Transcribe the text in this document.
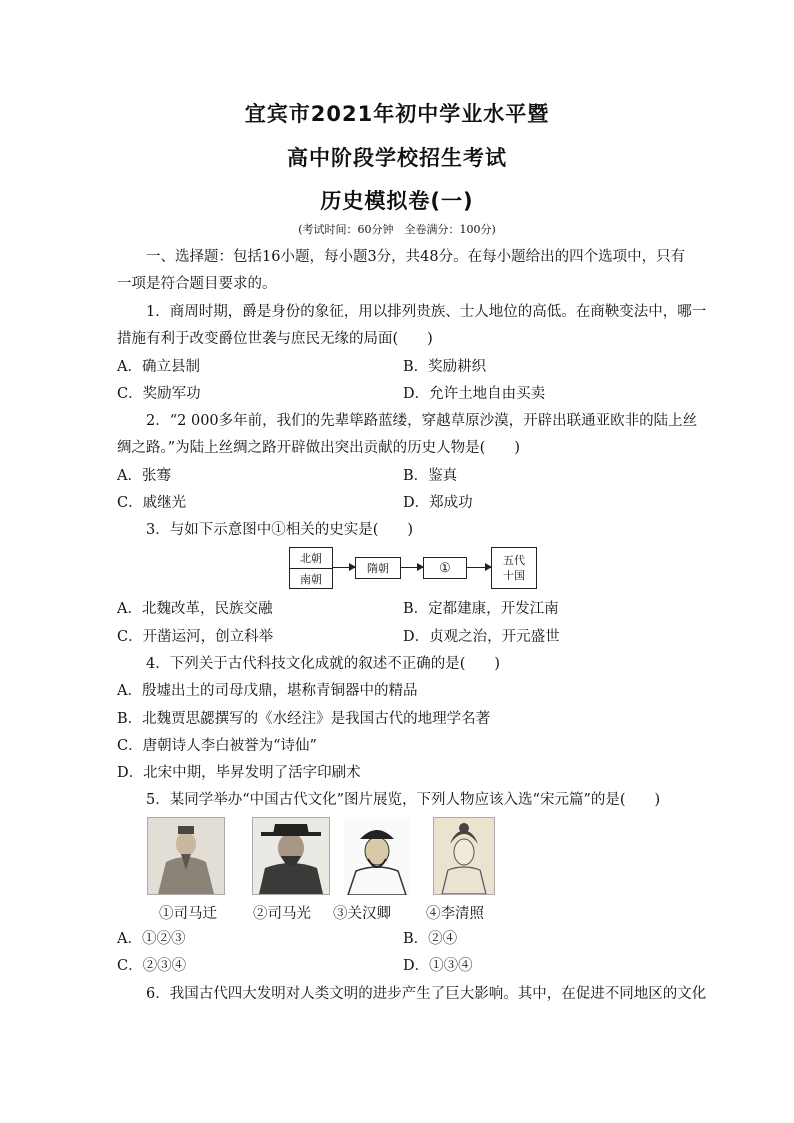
宜宾市2021年初中学业水平暨
高中阶段学校招生考试
历史模拟卷(一)
(考试时间：60分钟　全卷满分：100分)
一、选择题：包括16小题，每小题3分，共48分。在每小题给出的四个选项中，只有
一项是符合题目要求的。
1．商周时期，爵是身份的象征，用以排列贵族、士人地位的高低。在商鞅变法中，哪一
措施有利于改变爵位世袭与庶民无缘的局面(　　)
A．确立县制	B．奖励耕织
C．奖励军功	D．允许土地自由买卖
2．“2 000多年前，我们的先辈筚路蓝缕，穿越草原沙漠，开辟出联通亚欧非的陆上丝
绸之路。”为陆上丝绸之路开辟做出突出贡献的历史人物是(　　)
A．张骞	B．鉴真
C．戚继光	D．郑成功
3．与如下示意图中①相关的史实是(　　)
北朝
南朝
隋朝	①	五代
十国
A．北魏改革，民族交融	B．定都建康，开发江南
C．开凿运河，创立科举	D．贞观之治，开元盛世
4．下列关于古代科技文化成就的叙述不正确的是(　　)
A．殷墟出土的司母戊鼎，堪称青铜器中的精品
B．北魏贾思勰撰写的《水经注》是我国古代的地理学名著
C．唐朝诗人李白被誉为“诗仙”
D．北宋中期，毕昇发明了活字印刷术
5．某同学举办“中国古代文化”图片展览，下列人物应该入选“宋元篇”的是(　　)
①司马迁 ②司马光 ③关汉卿 ④李清照
A．①②③	B．②④
C．②③④	D．①③④
6．我国古代四大发明对人类文明的进步产生了巨大影响。其中，在促进不同地区的文化
